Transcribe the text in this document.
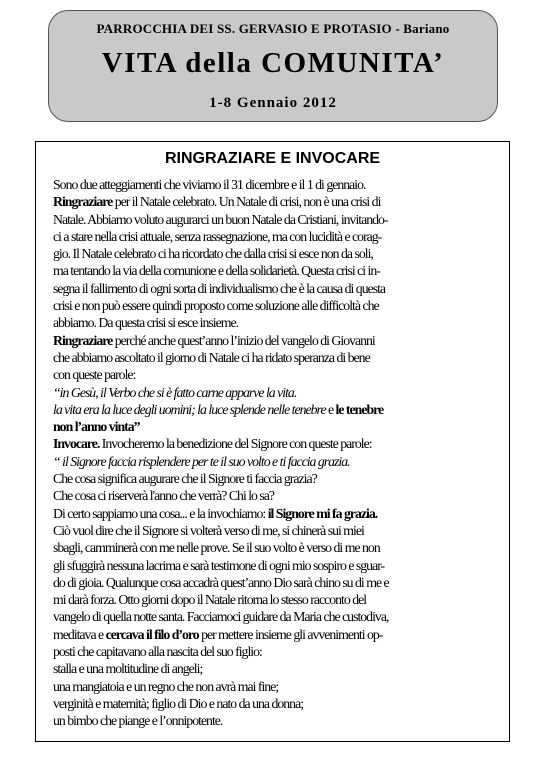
PARROCCHIA DEI SS. GERVASIO E PROTASIO - Bariano
VITA della COMUNITA’
1-8 Gennaio 2012
RINGRAZIARE E INVOCARE
Sono due atteggiamenti che viviamo il 31 dicembre e il 1 di gennaio.
Ringraziare per il Natale celebrato. Un Natale di crisi, non è una crisi di
Natale. Abbiamo voluto augurarci un buon Natale da Cristiani, invitando-
ci a stare nella crisi attuale, senza rassegnazione, ma con lucidità e corag-
gio. Il Natale celebrato ci ha ricordato che dalla crisi si esce non da soli,
ma tentando la via della comunione e della solidarietà. Questa crisi ci in-
segna il fallimento di ogni sorta di individualismo che è la causa di questa
crisi e non può essere quindi proposto come soluzione alle difficoltà che
abbiamo. Da questa crisi si esce insieme.
Ringraziare perché anche quest’anno l’inizio del vangelo di Giovanni
che abbiamo ascoltato il giorno di Natale ci ha ridato speranza di bene
con queste parole:
“in Gesù, il Verbo che si è fatto carne apparve la vita.
la vita era la luce degli uomini; la luce splende nelle tenebre e le tenebre
non l’anno vinta”
Invocare. Invocheremo la benedizione del Signore con queste parole:
“ il Signore faccia risplendere per te il suo volto e ti faccia grazia.
Che cosa significa augurare che il Signore ti faccia grazia?
Che cosa ci riserverà l'anno che verrà? Chi lo sa?
Di certo sappiamo una cosa... e la invochiamo: il Signore mi fa grazia.
Ciò vuol dire che il Signore si volterà verso di me, si chinerà sui miei
sbagli, camminerà con me nelle prove. Se il suo volto è verso di me non
gli sfuggirà nessuna lacrima e sarà testimone di ogni mio sospiro e sguar-
do di gioia. Qualunque cosa accadrà quest’anno Dio sarà chino su di me e
mi darà forza. Otto giorni dopo il Natale ritorna lo stesso racconto del
vangelo di quella notte santa. Facciamoci guidare da Maria che custodiva,
meditava e cercava il filo d’oro per mettere insieme gli avvenimenti op-
posti che capitavano alla nascita del suo figlio:
stalla e una moltitudine di angeli;
una mangiatoia e un regno che non avrà mai fine;
verginità e maternità; figlio di Dio e nato da una donna;
un bimbo che piange e l’onnipotente.
